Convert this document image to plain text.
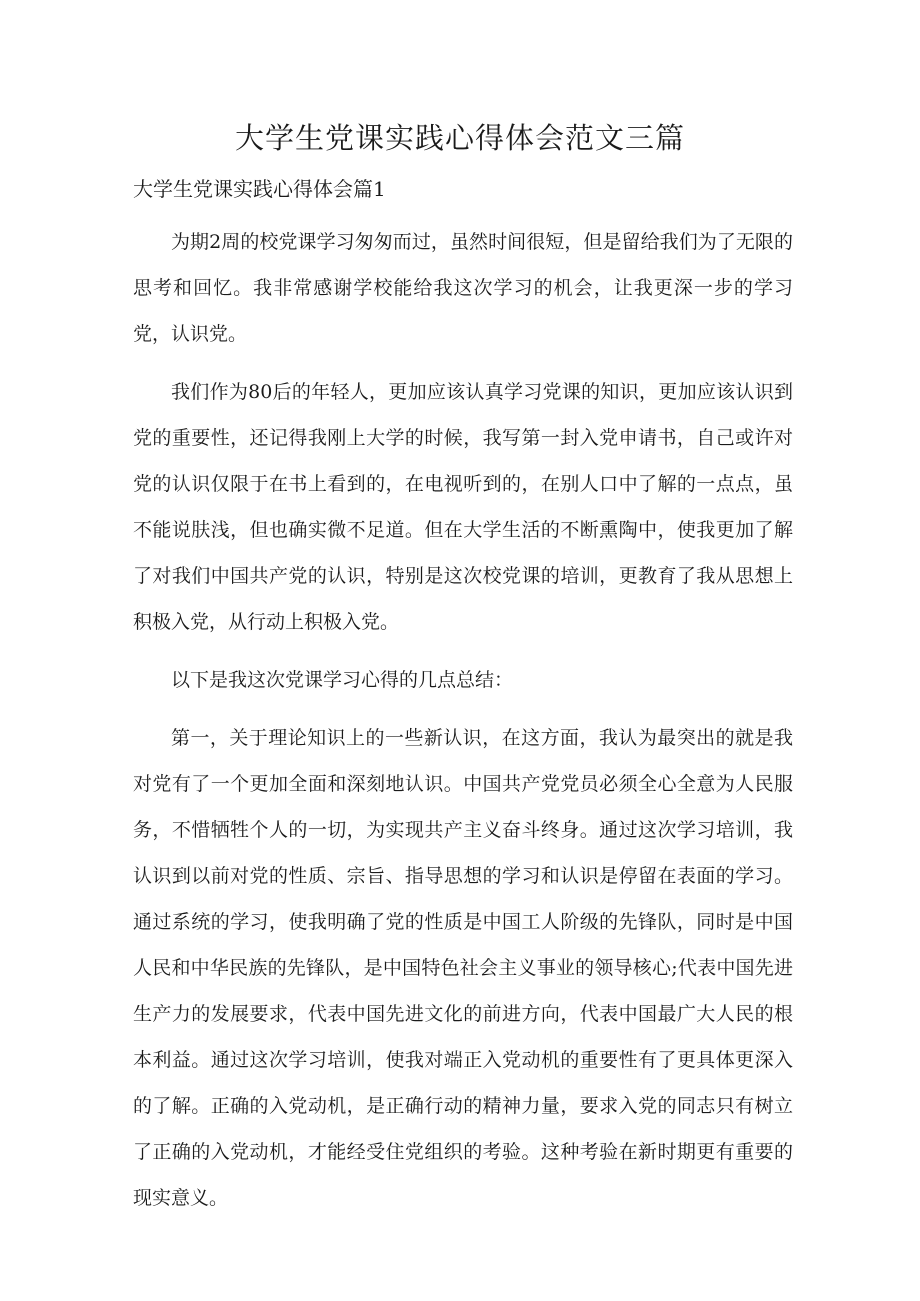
大学生党课实践心得体会范文三篇
大学生党课实践心得体会篇1

为期2周的校党课学习匆匆而过，虽然时间很短，但是留给我们为了无限的思考和回忆。我非常感谢学校能给我这次学习的机会，让我更深一步的学习党，认识党。

我们作为80后的年轻人，更加应该认真学习党课的知识，更加应该认识到党的重要性，还记得我刚上大学的时候，我写第一封入党申请书，自己或许对党的认识仅限于在书上看到的，在电视听到的，在别人口中了解的一点点，虽不能说肤浅，但也确实微不足道。但在大学生活的不断熏陶中，使我更加了解了对我们中国共产党的认识，特别是这次校党课的培训，更教育了我从思想上积极入党，从行动上积极入党。

以下是我这次党课学习心得的几点总结：

第一，关于理论知识上的一些新认识，在这方面，我认为最突出的就是我对党有了一个更加全面和深刻地认识。中国共产党党员必须全心全意为人民服务，不惜牺牲个人的一切，为实现共产主义奋斗终身。通过这次学习培训，我认识到以前对党的性质、宗旨、指导思想的学习和认识是停留在表面的学习。通过系统的学习，使我明确了党的性质是中国工人阶级的先锋队，同时是中国人民和中华民族的先锋队，是中国特色社会主义事业的领导核心;代表中国先进生产力的发展要求，代表中国先进文化的前进方向，代表中国最广大人民的根本利益。通过这次学习培训，使我对端正入党动机的重要性有了更具体更深入的了解。正确的入党动机，是正确行动的精神力量，要求入党的同志只有树立了正确的入党动机，才能经受住党组织的考验。这种考验在新时期更有重要的现实意义。
